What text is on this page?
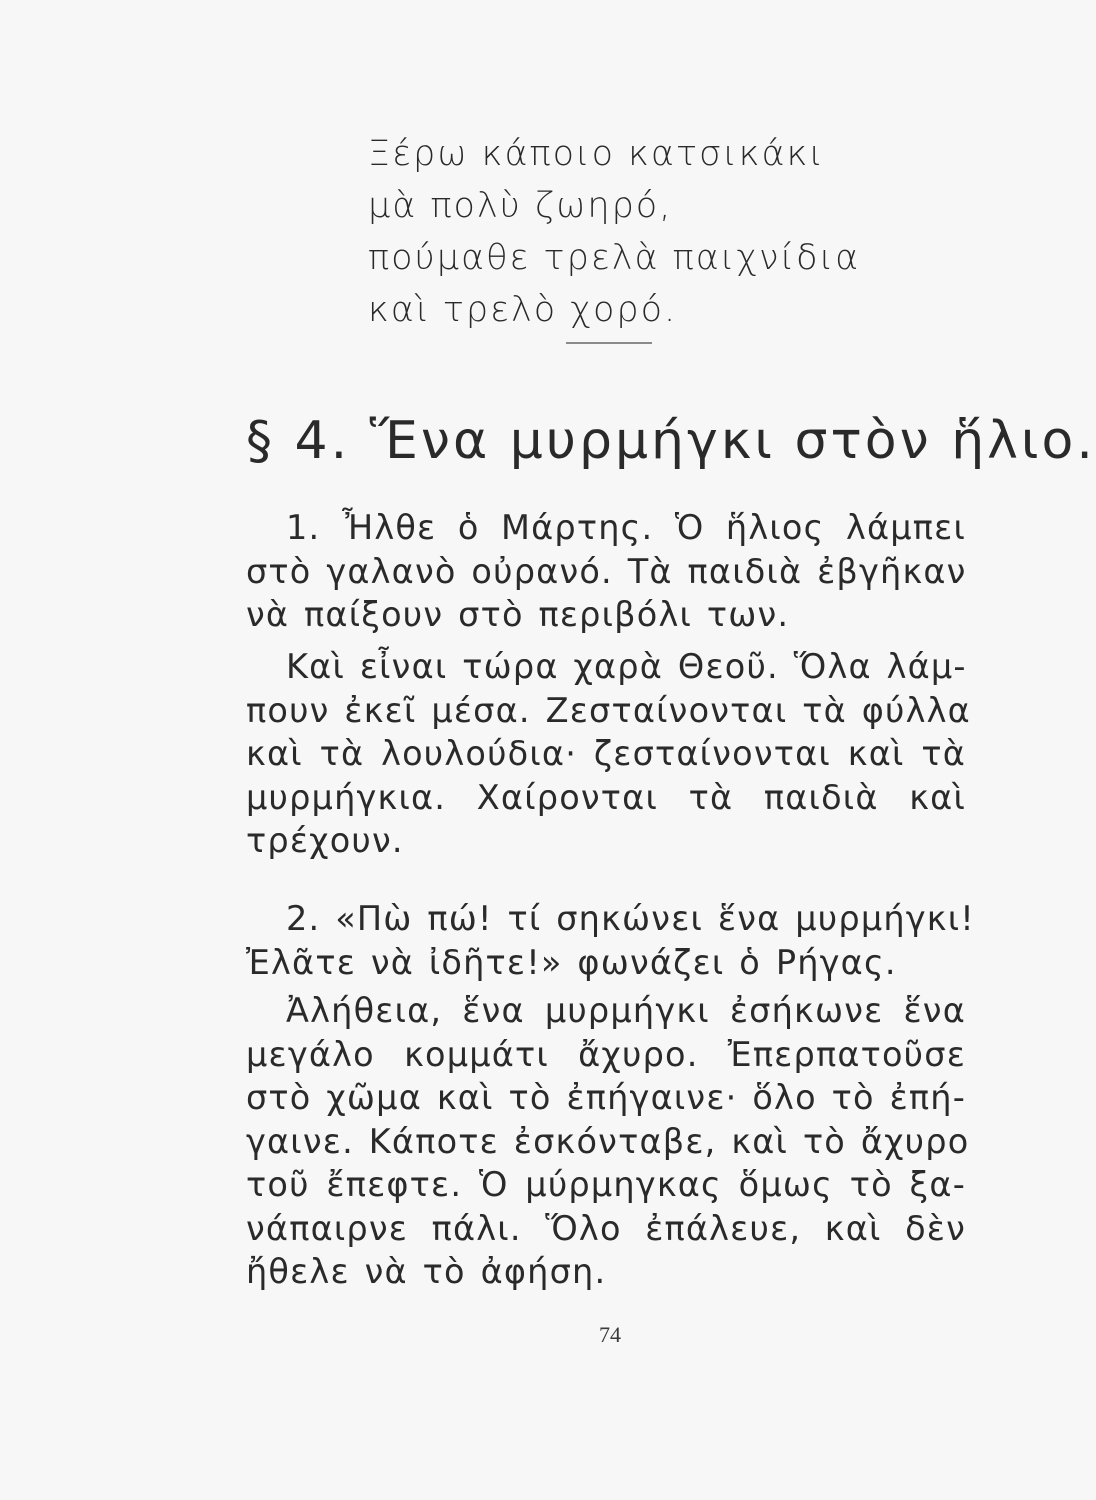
Ξέρω κάποιο κατσικάκι
μὰ πολὺ ζωηρό,
πούμαθε τρελὰ παιχνίδια
καὶ τρελὸ χορό.
§ 4. Ἕνα μυρμήγκι στὸν ἥλιο.
1. Ἦλθε ὁ Μάρτης. Ὁ ἥλιος λάμπει
στὸ γαλανὸ οὐρανό. Τὰ παιδιὰ ἐβγῆκαν
νὰ παίξουν στὸ περιβόλι των.
Καὶ εἶναι τώρα χαρὰ Θεοῦ. Ὅλα λάμ-
πουν ἐκεῖ μέσα. Ζεσταίνονται τὰ φύλλα
καὶ τὰ λουλούδια· ζεσταίνονται καὶ τὰ
μυρμήγκια. Χαίρονται τὰ παιδιὰ καὶ
τρέχουν.
2. «Πὼ πώ! τί σηκώνει ἕνα μυρμήγκι!
Ἐλᾶτε νὰ ἰδῆτε!» φωνάζει ὁ Ρήγας.
Ἀλήθεια, ἕνα μυρμήγκι ἐσήκωνε ἕνα
μεγάλο κομμάτι ἄχυρο. Ἐπερπατοῦσε
στὸ χῶμα καὶ τὸ ἐπήγαινε· ὅλο τὸ ἐπή-
γαινε. Κάποτε ἐσκόνταβε, καὶ τὸ ἄχυρο
τοῦ ἔπεφτε. Ὁ μύρμηγκας ὅμως τὸ ξα-
νάπαιρνε πάλι. Ὅλο ἐπάλευε, καὶ δὲν
ἤθελε νὰ τὸ ἀφήση.
74
